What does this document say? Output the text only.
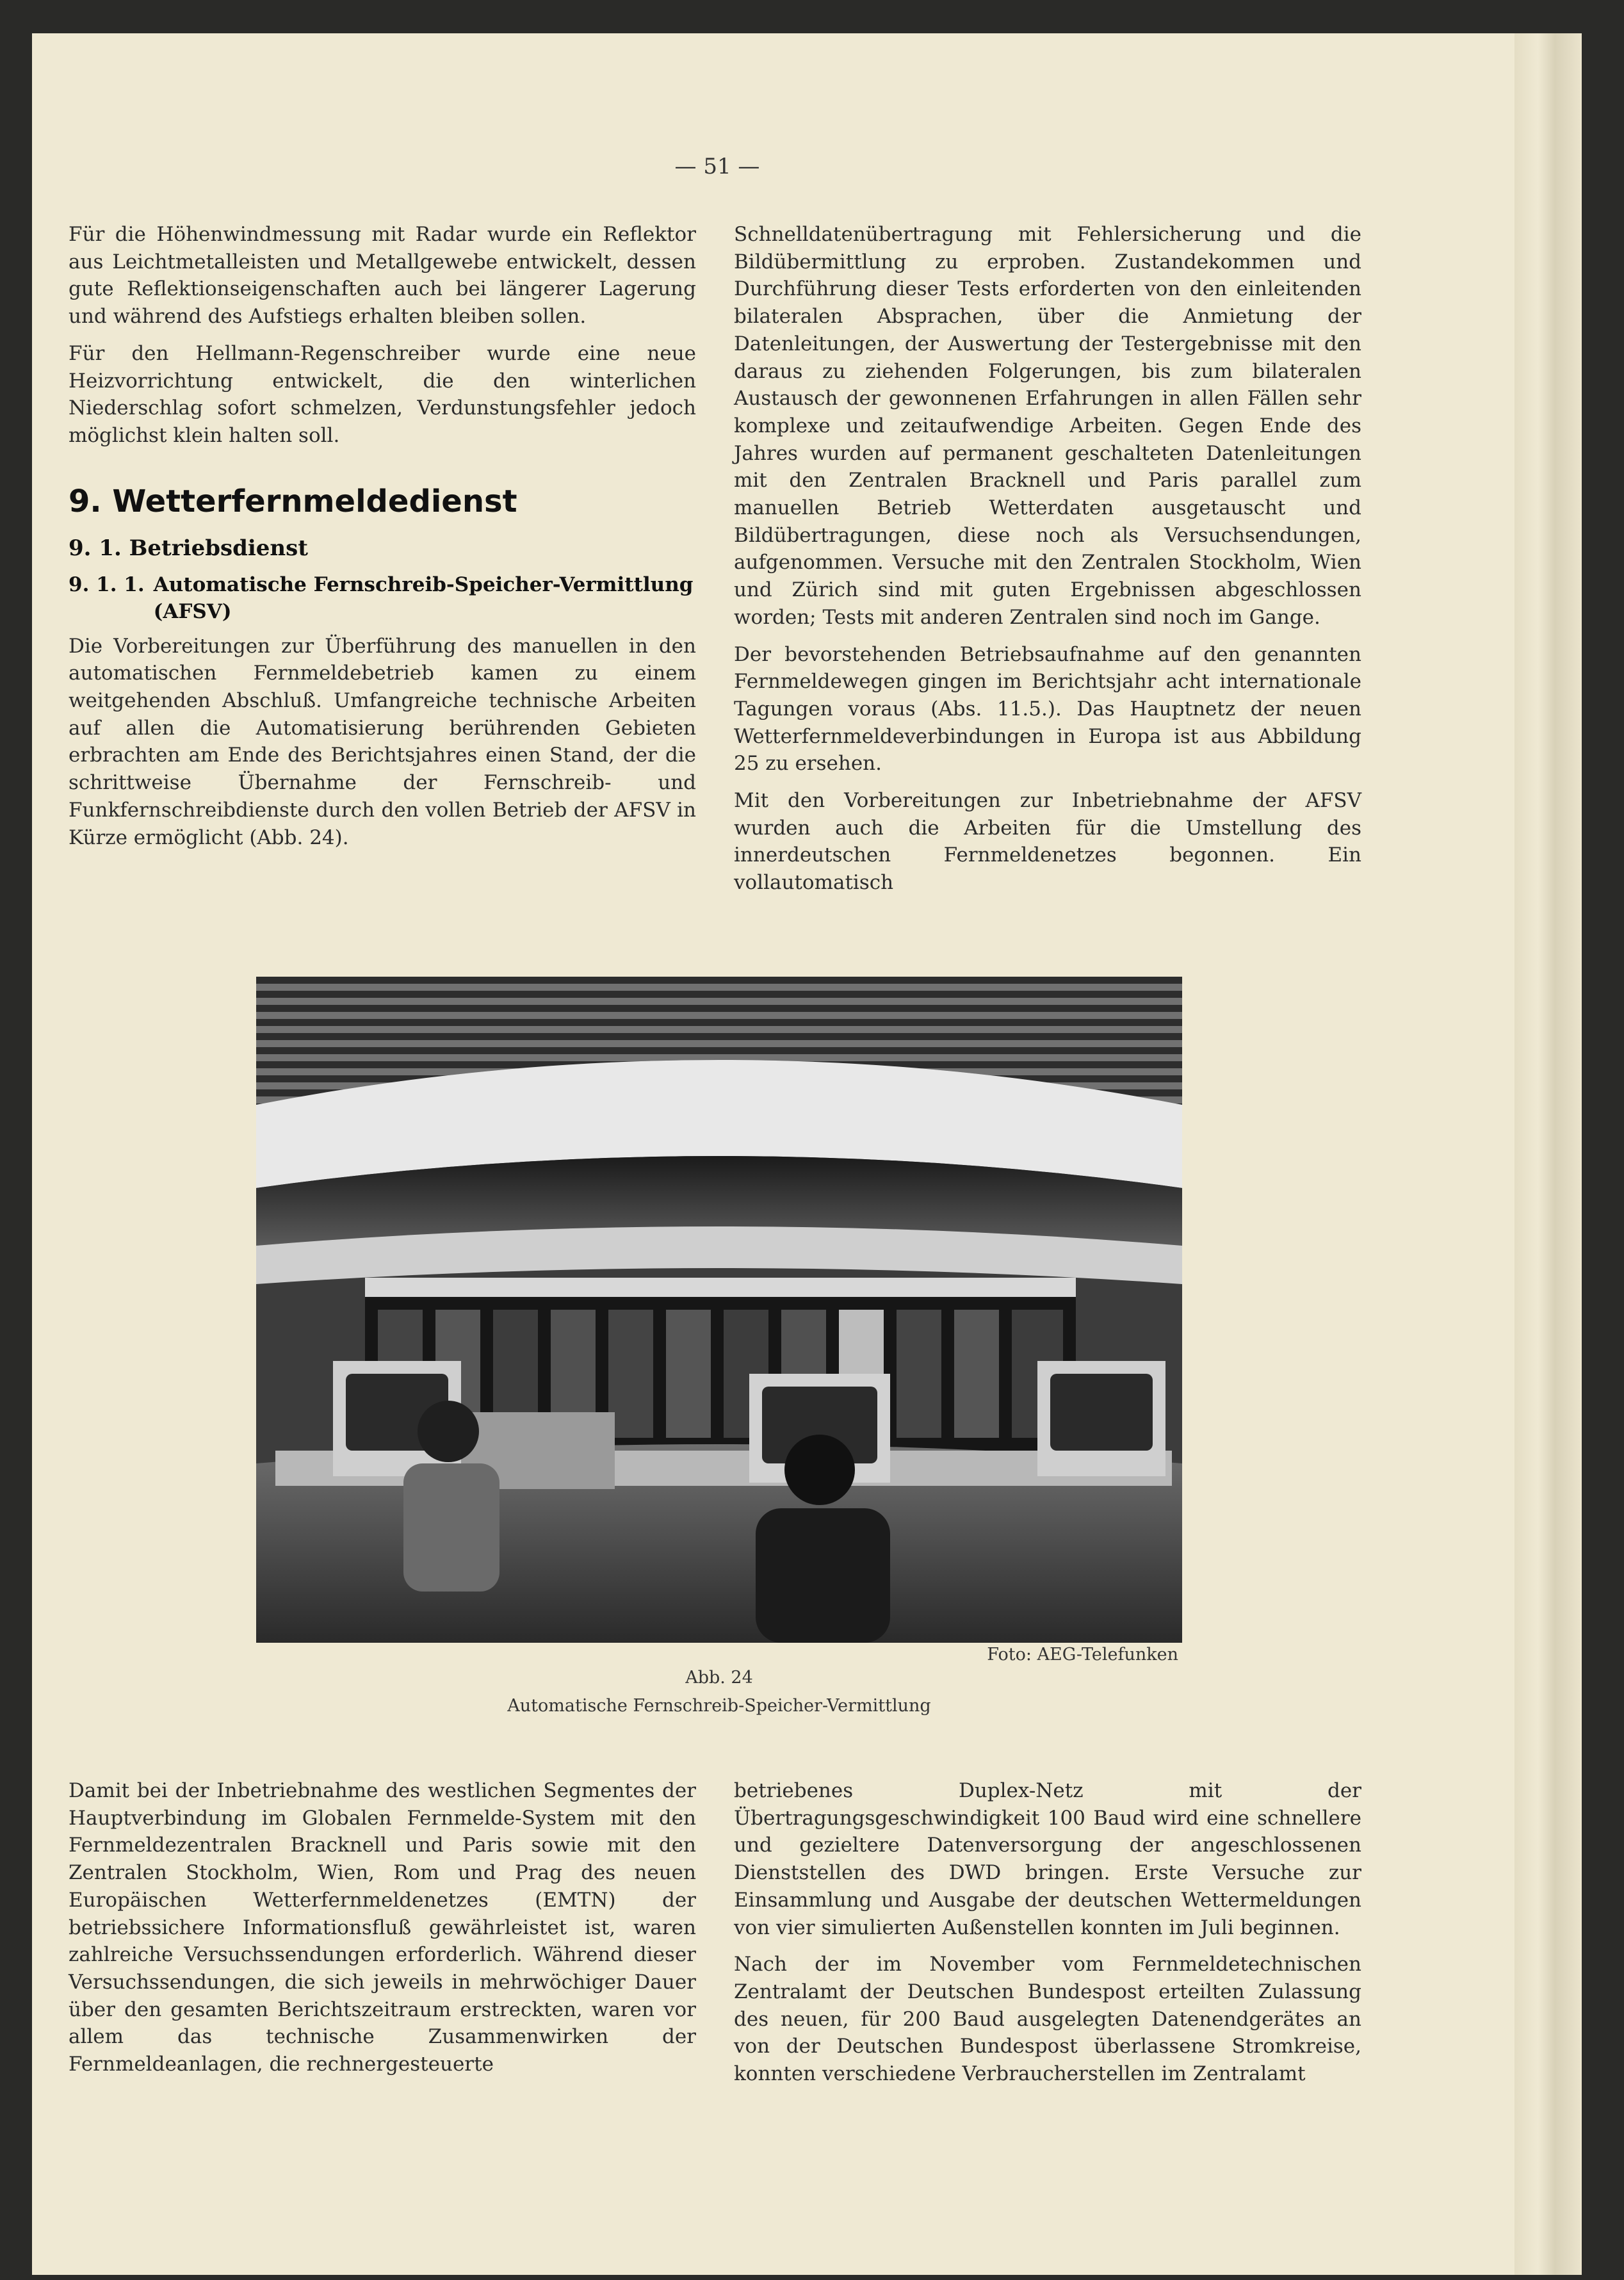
— 51 —

Für die Höhenwindmessung mit Radar wurde ein Reflektor aus Leichtmetalleisten und Metallgewebe entwickelt, dessen gute Reflektionseigenschaften auch bei längerer Lagerung und während des Aufstiegs erhalten bleiben sollen.

Für den Hellmann-Regenschreiber wurde eine neue Heizvorrichtung entwickelt, die den winterlichen Niederschlag sofort schmelzen, Verdunstungsfehler jedoch möglichst klein halten soll.

9. Wetterfernmeldedienst
9. 1. Betriebsdienst
9. 1. 1. Automatische Fernschreib-Speicher-Vermittlung (AFSV)

Die Vorbereitungen zur Überführung des manuellen in den automatischen Fernmeldebetrieb kamen zu einem weitgehenden Abschluß. Umfangreiche technische Arbeiten auf allen die Automatisierung berührenden Gebieten erbrachten am Ende des Berichtsjahres einen Stand, der die schrittweise Übernahme der Fernschreib- und Funkfernschreibdienste durch den vollen Betrieb der AFSV in Kürze ermöglicht (Abb. 24).

Schnelldatenübertragung mit Fehlersicherung und die Bildübermittlung zu erproben. Zustandekommen und Durchführung dieser Tests erforderten von den einleitenden bilateralen Absprachen, über die Anmietung der Datenleitungen, der Auswertung der Testergebnisse mit den daraus zu ziehenden Folgerungen, bis zum bilateralen Austausch der gewonnenen Erfahrungen in allen Fällen sehr komplexe und zeitaufwendige Arbeiten. Gegen Ende des Jahres wurden auf permanent geschalteten Datenleitungen mit den Zentralen Bracknell und Paris parallel zum manuellen Betrieb Wetterdaten ausgetauscht und Bildübertragungen, diese noch als Versuchsendungen, aufgenommen. Versuche mit den Zentralen Stockholm, Wien und Zürich sind mit guten Ergebnissen abgeschlossen worden; Tests mit anderen Zentralen sind noch im Gange.

Der bevorstehenden Betriebsaufnahme auf den genannten Fernmeldewegen gingen im Berichtsjahr acht internationale Tagungen voraus (Abs. 11.5.). Das Hauptnetz der neuen Wetterfernmeldeverbindungen in Europa ist aus Abbildung 25 zu ersehen.

Mit den Vorbereitungen zur Inbetriebnahme der AFSV wurden auch die Arbeiten für die Umstellung des innerdeutschen Fernmeldenetzes begonnen. Ein vollautomatisch

Foto: AEG-Telefunken
Abb. 24
Automatische Fernschreib-Speicher-Vermittlung

Damit bei der Inbetriebnahme des westlichen Segmentes der Hauptverbindung im Globalen Fernmelde-System mit den Fernmeldezentralen Bracknell und Paris sowie mit den Zentralen Stockholm, Wien, Rom und Prag des neuen Europäischen Wetterfernmeldenetzes (EMTN) der betriebssichere Informationsfluß gewährleistet ist, waren zahlreiche Versuchssendungen erforderlich. Während dieser Versuchssendungen, die sich jeweils in mehrwöchiger Dauer über den gesamten Berichtszeitraum erstreckten, waren vor allem das technische Zusammenwirken der Fernmeldeanlagen, die rechnergesteuerte

betriebenes Duplex-Netz mit der Übertragungsgeschwindigkeit 100 Baud wird eine schnellere und gezieltere Datenversorgung der angeschlossenen Dienststellen des DWD bringen. Erste Versuche zur Einsammlung und Ausgabe der deutschen Wettermeldungen von vier simulierten Außenstellen konnten im Juli beginnen.

Nach der im November vom Fernmeldetechnischen Zentralamt der Deutschen Bundespost erteilten Zulassung des neuen, für 200 Baud ausgelegten Datenendgerätes an von der Deutschen Bundespost überlassene Stromkreise, konnten verschiedene Verbraucherstellen im Zentralamt
